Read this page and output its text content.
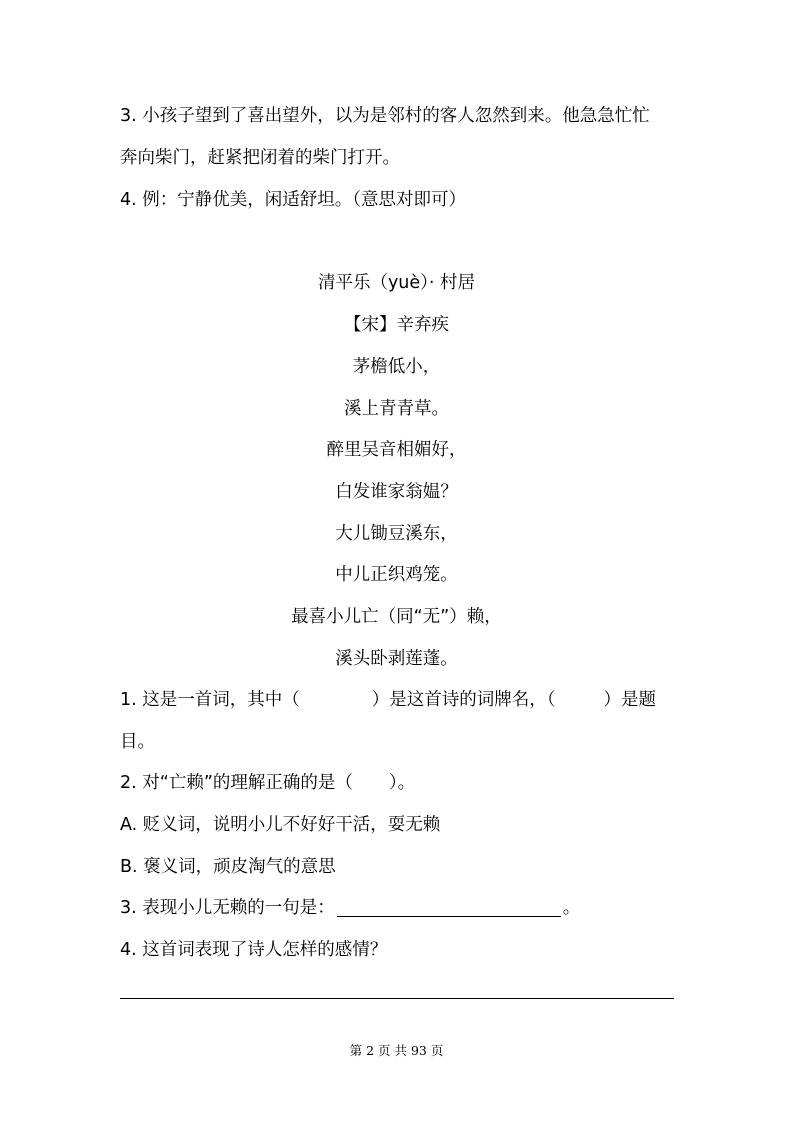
3. 小孩子望到了喜出望外，以为是邻村的客人忽然到来。他急急忙忙
奔向柴门，赶紧把闭着的柴门打开。
4. 例：宁静优美，闲适舒坦。（意思对即可）
清平乐（yuè）· 村居
【宋】辛弃疾
茅檐低小，
溪上青青草。
醉里吴音相媚好，
白发谁家翁媪？
大儿锄豆溪东，
中儿正织鸡笼。
最喜小儿亡（同“无”）赖，
溪头卧剥莲蓬。
1. 这是一首词，其中（	）是这首诗的词牌名，（	）是题
目。
2. 对“亡赖”的理解正确的是（ ）。
A. 贬义词，说明小儿不好好干活，耍无赖
B. 褒义词，顽皮淘气的意思
3. 表现小儿无赖的一句是：	。
4. 这首词表现了诗人怎样的感情？
第 2 页 共 93 页
